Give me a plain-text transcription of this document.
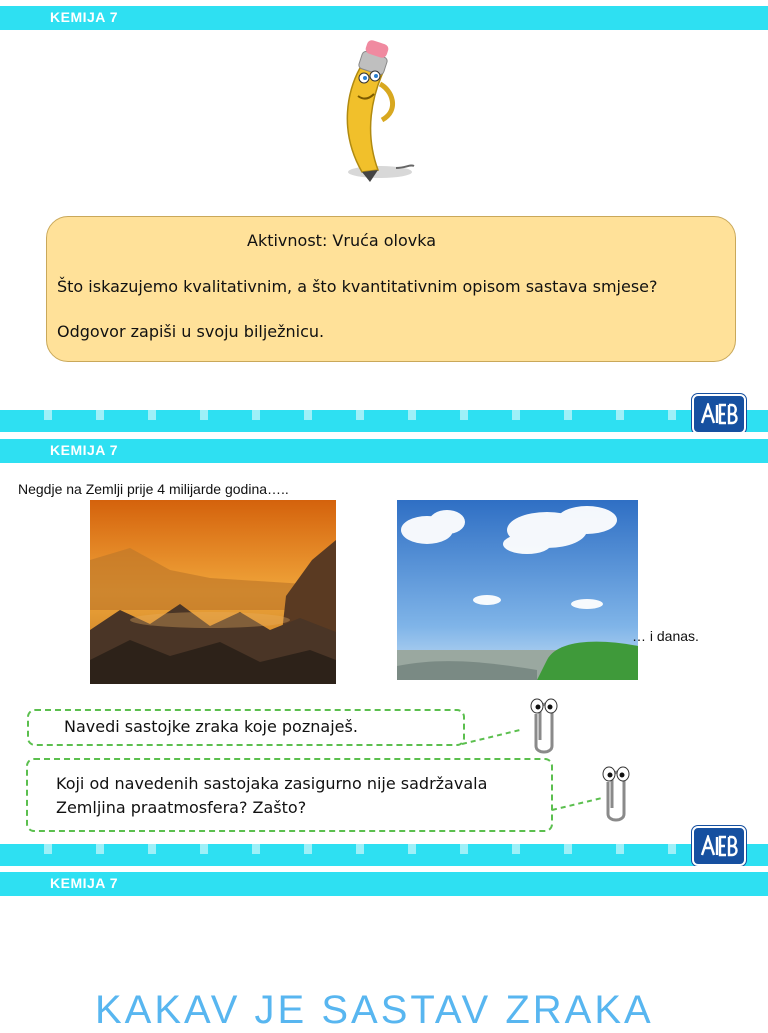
KEMIJA 7
Aktivnost: Vruća olovka
Što iskazujemo kvalitativnim, a što kvantitativnim opisom sastava smjese?
Odgovor zapiši u svoju bilježnicu.
KEMIJA 7
Negdje na Zemlji prije 4 milijarde godina…..
… i danas.
Navedi sastojke zraka koje poznaješ.
Koji od navedenih sastojaka zasigurno nije sadržavala
Zemljina praatmosfera? Zašto?
KEMIJA 7
KAKAV JE SASTAV ZRAKA
